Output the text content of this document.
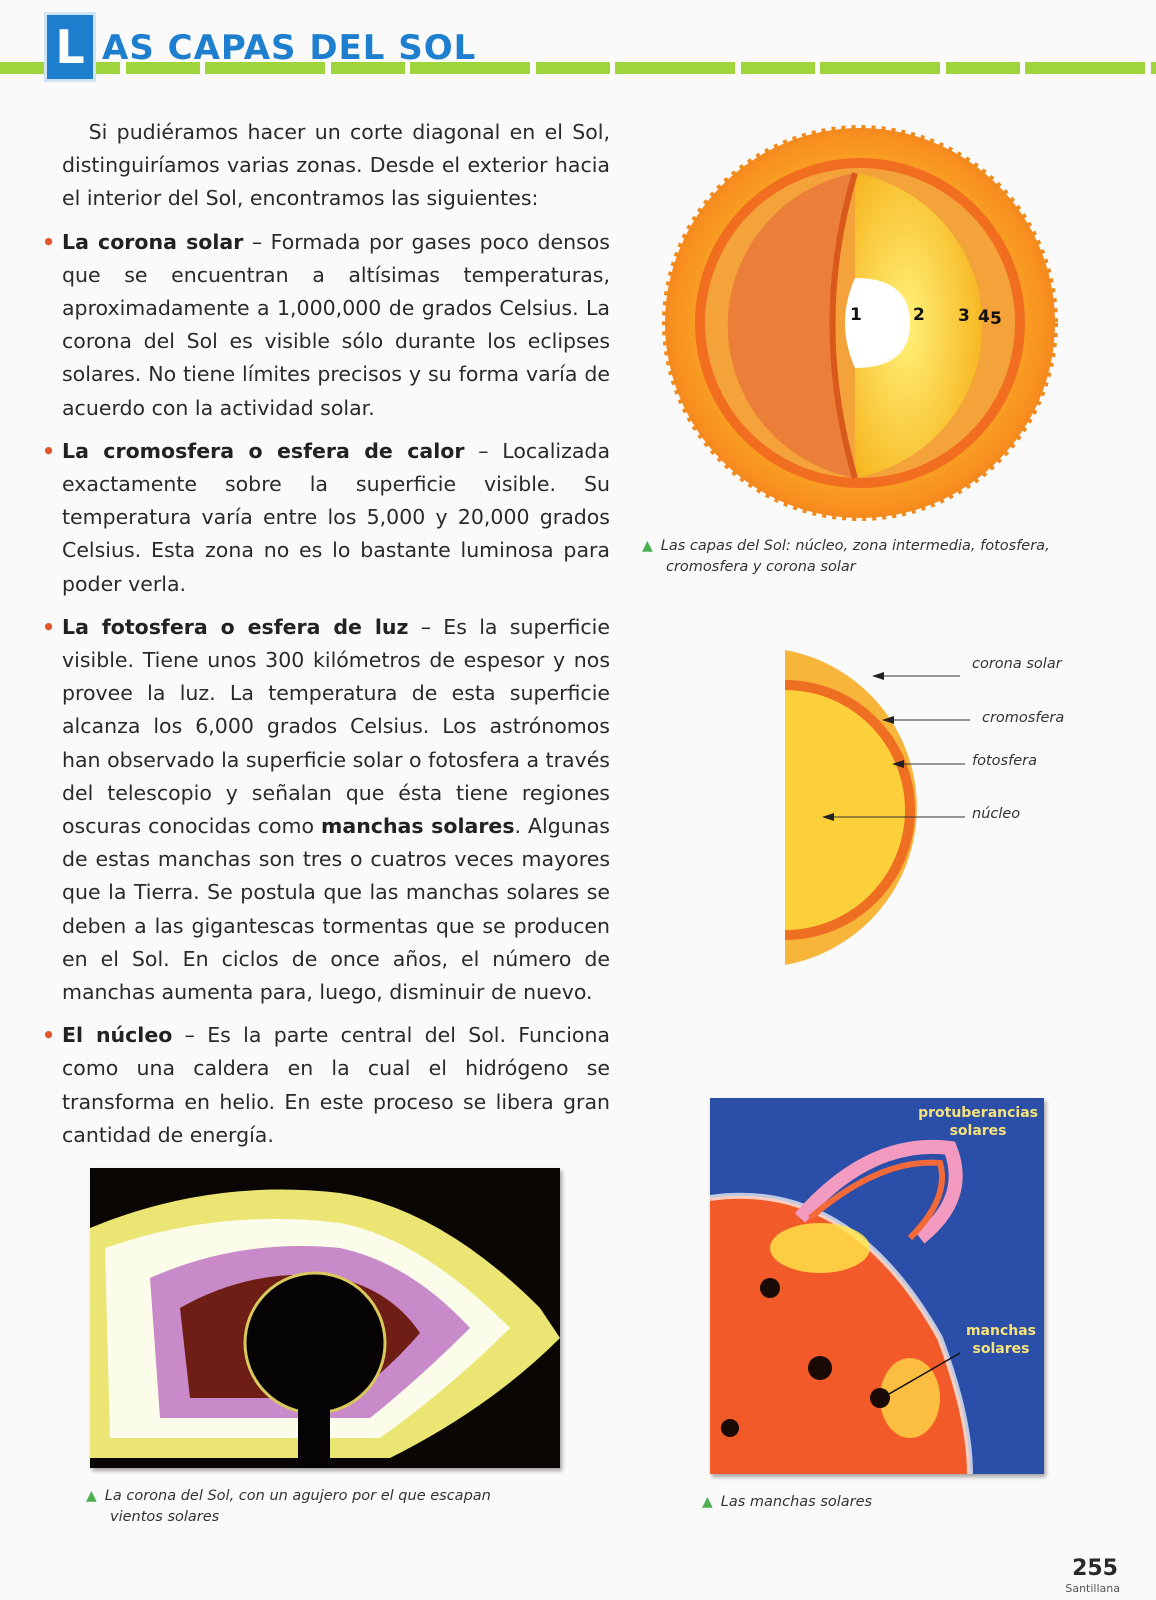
L AS CAPAS DEL SOL

Si pudiéramos hacer un corte diagonal en el Sol, distinguiríamos varias zonas. Desde el exterior hacia el interior del Sol, encontramos las siguientes:

• La corona solar – Formada por gases poco densos que se encuentran a altísimas temperaturas, aproximadamente a 1,000,000 de grados Celsius. La corona del Sol es visible sólo durante los eclipses solares. No tiene límites precisos y su forma varía de acuerdo con la actividad solar.

• La cromosfera o esfera de calor – Localizada exactamente sobre la superficie visible. Su temperatura varía entre los 5,000 y 20,000 grados Celsius. Esta zona no es lo bastante luminosa para poder verla.

• La fotosfera o esfera de luz – Es la superficie visible. Tiene unos 300 kilómetros de espesor y nos provee la luz. La temperatura de esta superficie alcanza los 6,000 grados Celsius. Los astrónomos han observado la superficie solar o fotosfera a través del telescopio y señalan que ésta tiene regiones oscuras conocidas como manchas solares. Algunas de estas manchas son tres o cuatros veces mayores que la Tierra. Se postula que las manchas solares se deben a las gigantescas tormentas que se producen en el Sol. En ciclos de once años, el número de manchas aumenta para, luego, disminuir de nuevo.

• El núcleo – Es la parte central del Sol. Funciona como una caldera en la cual el hidrógeno se transforma en helio. En este proceso se libera gran cantidad de energía.

1	2 3 4 5
▲ Las capas del Sol: núcleo, zona intermedia, fotosfera,
cromosfera y corona solar
corona solar
cromosfera
fotosfera
núcleo
▲ La corona del Sol, con un agujero por el que escapan
vientos solares
protuberancias
solares
manchas
solares
▲ Las manchas solares
255
Santillana
